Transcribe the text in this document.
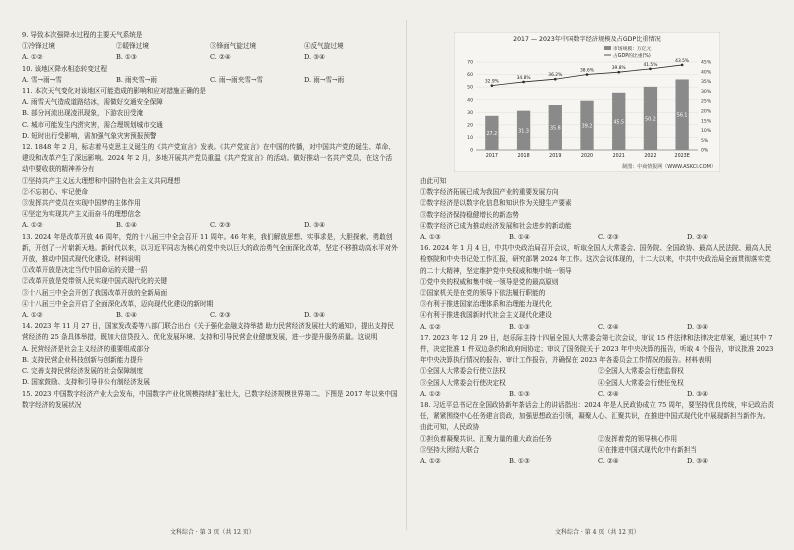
9. 导致本次强降水过程的主要天气系统是

①冷锋过境	②暖锋过境	③锋面气旋过境	④反气旋过境
A. ①②	B. ①③	C. ②④	D. ③④

10. 该地区降水相态转变过程

A. 雪→雨→雪	B. 雨夹雪→雨	C. 雨→雨夹雪→雪	D. 雨→雪→雨

11. 本次天气变化对该地区可能造成的影响和应对措施正确的是

A. 雨雪天气造成道路结冰，需做好交通安全保障

B. 部分河流出现凌汛现象，下游农田受淹

C. 城市可能发生内涝灾害，需合理规划城市交通

D. 短时出行受影响，需加强气象灾害预报预警

12. 1848 年 2 月，标志着马克思主义诞生的《共产党宣言》发表。《共产党宣言》在中国的传播，对中国共产党的诞生、革命、建设和改革产生了深远影响。2024 年 2 月，多地开展共产党员重温《共产党宣言》的活动。做好推动一名共产党员，在这个活动中要收获的精神养分有

①坚持共产主义远大理想和中国特色社会主义共同理想

②不忘初心、牢记使命

③发挥共产党员在实现中国梦的主体作用

④坚定为实现共产主义而奋斗的理想信念

A. ①②	B. ①④	C. ②③	D. ③④

13. 2024 年是改革开放 46 周年，党的十八届三中全会召开 11 周年。46 年来，我们解放思想、实事求是，大胆探索、勇敢创新，开创了一片崭新天地。新时代以来，以习近平同志为核心的党中央以巨大的政治勇气全面深化改革，坚定不移推动高水平对外开放，推动中国式现代化建设。材料说明

①改革开放是决定当代中国命运的关键一招

②改革开放是党带领人民实现中国式现代化的关键

③十八届三中全会开创了我国改革开放的全新局面

④十八届三中全会开启了全面深化改革，迈向现代化建设的新时期

A. ①②	B. ①④	C. ②③	D. ③④

14. 2023 年 11 月 27 日，国家发改委等八部门联合出台《关于强化金融支持举措 助力民营经济发展壮大的通知》，提出支持民营经济的 25 条具体举措，既加大信贷投入、优化发展环境、支持和引导民营企业健康发展，进一步提升服务质量。这说明

A. 民营经济是社会主义经济的重要组成部分

B. 支持民营企业科技创新与创新能力提升

C. 完善支持民营经济发展的社会保障制度

D. 国家鼓励、支持和引导非公有制经济发展

15. 2023 中国数字经济产业大会发布，中国数字产业化规模持续扩张壮大，已数字经济规模世界第二。下图是 2017 年以来中国数字经济的发展状况

文科综合 · 第 3 页（共 12 页）
2017 — 2023年中国数字经济规模及占GDP比重情况
市场规模：万亿元
占GDP的比重(%)
0
10
20
30
40
50
60
70
0%
5%
10%
15%
20%
25%
30%
35%
40%
45%
2017	2018	2019	2020	2021	2022	2023E
27.2
31.3
35.8	39.2
45.5
50.2
56.1
32.9%
34.8%
36.2%
38.6%	39.8%
41.5%
43.5%
制图：中商情报网（WWW.ASKCI.COM）

由此可知

①数字经济拓展已成为我国产业的重要发展方向

②数字经济是以数字化信息和知识作为关键生产要素

③数字经济保持稳健增长的新态势

④数字经济已成为推动经济发展和社会进步的新动能

A. ①③	B. ①④	C. ②③	D. ②④

16. 2024 年 1 月 4 日，中共中央政治局召开会议，听取全国人大常委会、国务院、全国政协、最高人民法院、最高人民检察院和中央书记处工作汇报，研究部署 2024 年工作。这次会议体现的，十二大以来，中共中央政治局全面贯彻落实党的二十大精神，坚定维护党中央权威和集中统一领导

①党中央的权威和集中统一领导是党的最高原则

②国家机关是在党的领导下依法履行职能的

③有利于推进国家治理体系和治理能力现代化

④有利于推进我国新时代社会主义现代化建设

A. ①②	B. ①③	C. ②④	D. ③④

17. 2023 年 12 月 29 日，赵乐际主持十四届全国人大常委会第七次会议，审议 15 件法律和法律决定草案，通过其中 7 件，决定批准 1 件双边条约和政府间协定；审议了国务院关于 2023 年中央决算的报告，听取 4 个报告，审议批准 2023 年中央决算执行情况的报告、审计工作报告，并确保在 2023 年各委员会工作情况的报告。材料表明

①全国人大常委会行使立法权	②全国人大常委会行使监督权
③全国人大常委会行使决定权	④全国人大常委会行使任免权
A. ①②	B. ①③	C. ②④	D. ③④

18. 习近平总书记在全国政协新年茶话会上的讲话指出：2024 年是人民政协成立 75 周年，要坚持优良传统，牢记政治责任，紧紧围绕中心任务建言资政，加强思想政治引领，凝聚人心、汇聚共识，在推进中国式现代化中展现新担当新作为。由此可知，人民政协

①担负着凝聚共识、汇聚力量的重大政治任务	②发挥着党的领导核心作用
③坚持大团结大联合	④在推进中国式现代化中有新担当
A. ①②	B. ①③	C. ②④	D. ③④
文科综合 · 第 4 页（共 12 页）
